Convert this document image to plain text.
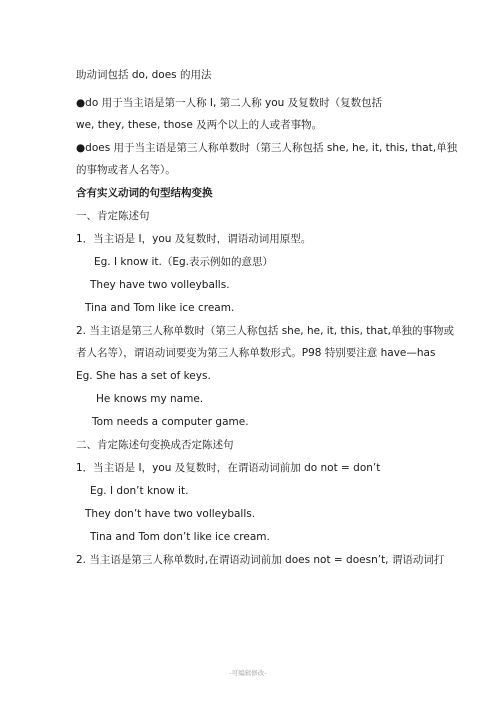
助动词包括 do, does 的用法
●do 用于当主语是第一人称 I, 第二人称 you 及复数时（复数包括
we, they, these, those 及两个以上的人或者事物。
●does 用于当主语是第三人称单数时（第三人称包括 she, he, it, this, that,单独
的事物或者人名等）。
含有实义动词的句型结构变换
一、肯定陈述句
1．当主语是 I，you 及复数时，谓语动词用原型。
Eg. I know it.（Eg.表示例如的意思）
They have two volleyballs.
Tina and Tom like ice cream.
2. 当主语是第三人称单数时（第三人称包括 she, he, it, this, that,单独的事物或
者人名等），谓语动词要变为第三人称单数形式。P98 特别要注意 have—has
Eg. She has a set of keys.
He knows my name.
Tom needs a computer game.
二、肯定陈述句变换成否定陈述句
1．当主语是 I，you 及复数时，在谓语动词前加 do not = don’t
Eg. I don’t know it.
They don’t have two volleyballs.
Tina and Tom don’t like ice cream.
2. 当主语是第三人称单数时,在谓语动词前加 does not = doesn’t, 谓语动词打
-可编辑修改-
